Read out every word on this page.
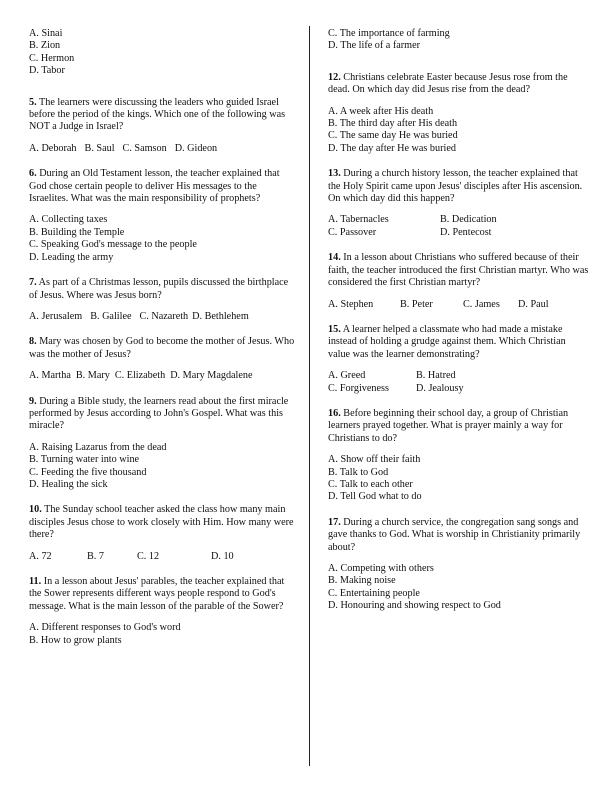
A. Sinai
B. Zion
C. Hermon
D. Tabor
5. The learners were discussing the leaders who guided Israel before the period of the kings. Which one of the following was NOT a Judge in Israel?
A. Deborah B. Saul C. Samson D. Gideon
6. During an Old Testament lesson, the teacher explained that God chose certain people to deliver His messages to the Israelites. What was the main responsibility of prophets?
A. Collecting taxes
B. Building the Temple
C. Speaking God's message to the people
D. Leading the army
7. As part of a Christmas lesson, pupils discussed the birthplace of Jesus. Where was Jesus born?
A. Jerusalem B. Galilee C. Nazareth D. Bethlehem
8. Mary was chosen by God to become the mother of Jesus. Who was the mother of Jesus?
A. Martha B. Mary C. Elizabeth D. Mary Magdalene
9. During a Bible study, the learners read about the first miracle performed by Jesus according to John's Gospel. What was this miracle?
A. Raising Lazarus from the dead
B. Turning water into wine
C. Feeding the five thousand
D. Healing the sick
10. The Sunday school teacher asked the class how many main disciples Jesus chose to work closely with Him. How many were there?
A. 72	B. 7	C. 12	D. 10
11. In a lesson about Jesus' parables, the teacher explained that the Sower represents different ways people respond to God's message. What is the main lesson of the parable of the Sower?
A. Different responses to God's word
B. How to grow plants
C. The importance of farming
D. The life of a farmer
12. Christians celebrate Easter because Jesus rose from the dead. On which day did Jesus rise from the dead?
A. A week after His death
B. The third day after His death
C. The same day He was buried
D. The day after He was buried
13. During a church history lesson, the teacher explained that the Holy Spirit came upon Jesus' disciples after His ascension. On which day did this happen?
A. Tabernacles	B. Dedication
C. Passover	D. Pentecost
14. In a lesson about Christians who suffered because of their faith, the teacher introduced the first Christian martyr. Who was considered the first Christian martyr?
A. Stephen	B. Peter	C. James	D. Paul
15. A learner helped a classmate who had made a mistake instead of holding a grudge against them. Which Christian value was the learner demonstrating?
A. Greed	B. Hatred
C. Forgiveness	D. Jealousy
16. Before beginning their school day, a group of Christian learners prayed together. What is prayer mainly a way for Christians to do?
A. Show off their faith
B. Talk to God
C. Talk to each other
D. Tell God what to do
17. During a church service, the congregation sang songs and gave thanks to God. What is worship in Christianity primarily about?
A. Competing with others
B. Making noise
C. Entertaining people
D. Honouring and showing respect to God
